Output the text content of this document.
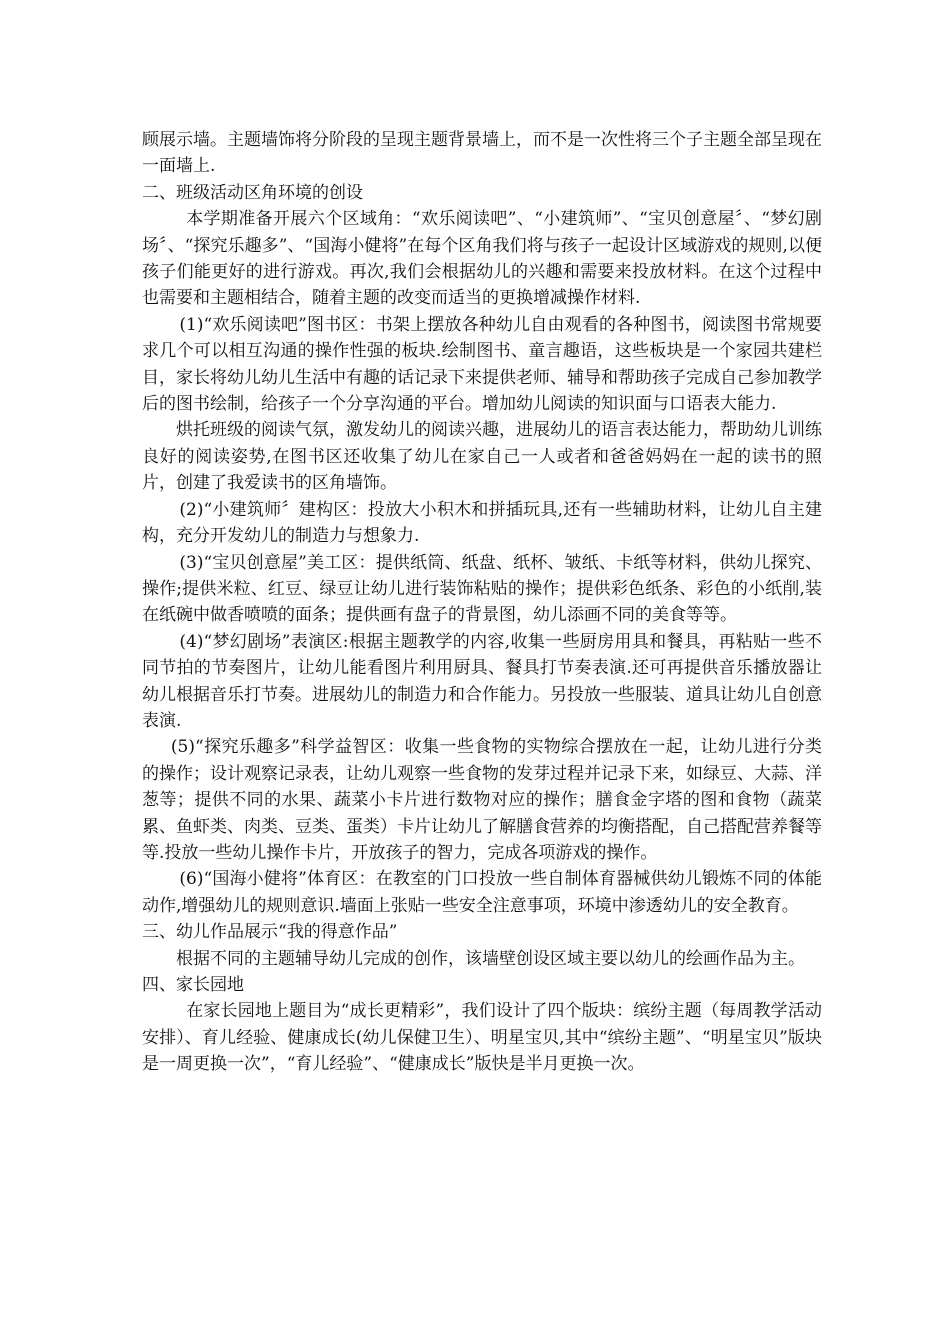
顾展示墙。主题墙饰将分阶段的呈现主题背景墙上，而不是一次性将三个子主题全部呈现在一面墙上.

二、班级活动区角环境的创设

本学期准备开展六个区域角：“欢乐阅读吧”、“小建筑师”、“宝贝创意屋〞、“梦幻剧场〞、“探究乐趣多”、“国海小健将”在每个区角我们将与孩子一起设计区域游戏的规则,以便孩子们能更好的进行游戏。再次,我们会根据幼儿的兴趣和需要来投放材料。在这个过程中也需要和主题相结合，随着主题的改变而适当的更换增减操作材料.

(1)“欢乐阅读吧”图书区：书架上摆放各种幼儿自由观看的各种图书，阅读图书常规要求几个可以相互沟通的操作性强的板块.绘制图书、童言趣语，这些板块是一个家园共建栏目，家长将幼儿幼儿生活中有趣的话记录下来提供老师、辅导和帮助孩子完成自己参加教学后的图书绘制，给孩子一个分享沟通的平台。增加幼儿阅读的知识面与口语表大能力.

烘托班级的阅读气氛，激发幼儿的阅读兴趣，进展幼儿的语言表达能力，帮助幼儿训练良好的阅读姿势,在图书区还收集了幼儿在家自己一人或者和爸爸妈妈在一起的读书的照片，创建了我爱读书的区角墙饰。

(2)“小建筑师〞建构区：投放大小积木和拼插玩具,还有一些辅助材料，让幼儿自主建构，充分开发幼儿的制造力与想象力.

(3)“宝贝创意屋”美工区：提供纸筒、纸盘、纸杯、皱纸、卡纸等材料，供幼儿探究、操作;提供米粒、红豆、绿豆让幼儿进行装饰粘贴的操作；提供彩色纸条、彩色的小纸削,装在纸碗中做香喷喷的面条；提供画有盘子的背景图，幼儿添画不同的美食等等。

(4)“梦幻剧场”表演区:根据主题教学的内容,收集一些厨房用具和餐具，再粘贴一些不同节拍的节奏图片，让幼儿能看图片利用厨具、餐具打节奏表演.还可再提供音乐播放器让幼儿根据音乐打节奏。进展幼儿的制造力和合作能力。另投放一些服装、道具让幼儿自创意表演.

(5)“探究乐趣多”科学益智区：收集一些食物的实物综合摆放在一起，让幼儿进行分类的操作；设计观察记录表，让幼儿观察一些食物的发芽过程并记录下来，如绿豆、大蒜、洋葱等；提供不同的水果、蔬菜小卡片进行数物对应的操作；膳食金字塔的图和食物（蔬菜累、鱼虾类、肉类、豆类、蛋类）卡片让幼儿了解膳食营养的均衡搭配，自己搭配营养餐等等.投放一些幼儿操作卡片，开放孩子的智力，完成各项游戏的操作。

(6)“国海小健将”体育区：在教室的门口投放一些自制体育器械供幼儿锻炼不同的体能动作,增强幼儿的规则意识.墙面上张贴一些安全注意事项，环境中渗透幼儿的安全教育。

三、幼儿作品展示“我的得意作品”

根据不同的主题辅导幼儿完成的创作，该墙壁创设区域主要以幼儿的绘画作品为主。

四、家长园地

在家长园地上题目为“成长更精彩”，我们设计了四个版块：缤纷主题（每周教学活动安排）、育儿经验、健康成长(幼儿保健卫生）、明星宝贝,其中“缤纷主题”、“明星宝贝”版块是一周更换一次”，“育儿经验”、“健康成长”版快是半月更换一次。
